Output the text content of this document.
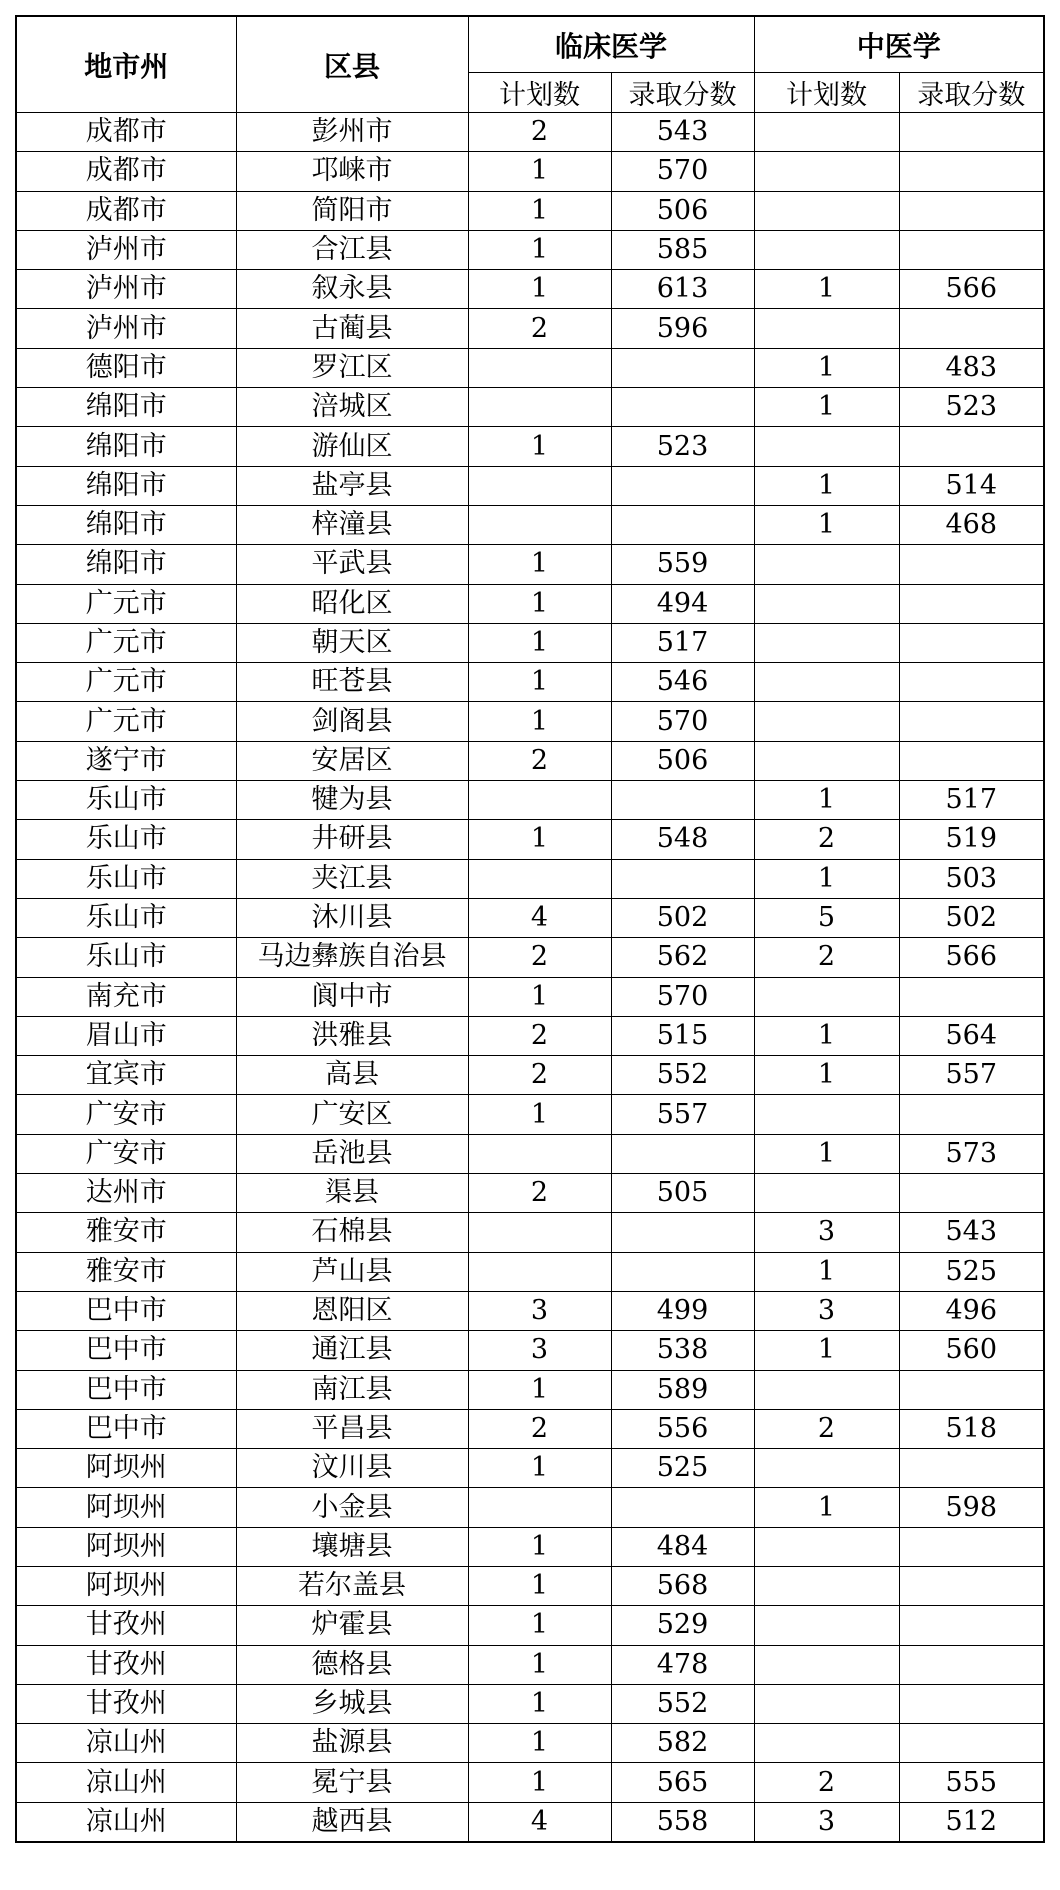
地市州	区县	临床医学		中医学	
		计划数	录取分数	计划数	录取分数
成都市	彭州市	2	543		
成都市	邛崃市	1	570		
成都市	简阳市	1	506		
泸州市	合江县	1	585		
泸州市	叙永县	1	613	1	566
泸州市	古蔺县	2	596		
德阳市	罗江区			1	483
绵阳市	涪城区			1	523
绵阳市	游仙区	1	523		
绵阳市	盐亭县			1	514
绵阳市	梓潼县			1	468
绵阳市	平武县	1	559		
广元市	昭化区	1	494		
广元市	朝天区	1	517		
广元市	旺苍县	1	546		
广元市	剑阁县	1	570		
遂宁市	安居区	2	506		
乐山市	犍为县			1	517
乐山市	井研县	1	548	2	519
乐山市	夹江县			1	503
乐山市	沐川县	4	502	5	502
乐山市	马边彝族自治县	2	562	2	566
南充市	阆中市	1	570		
眉山市	洪雅县	2	515	1	564
宜宾市	高县	2	552	1	557
广安市	广安区	1	557		
广安市	岳池县			1	573
达州市	渠县	2	505		
雅安市	石棉县			3	543
雅安市	芦山县			1	525
巴中市	恩阳区	3	499	3	496
巴中市	通江县	3	538	1	560
巴中市	南江县	1	589		
巴中市	平昌县	2	556	2	518
阿坝州	汶川县	1	525		
阿坝州	小金县			1	598
阿坝州	壤塘县	1	484		
阿坝州	若尔盖县	1	568		
甘孜州	炉霍县	1	529		
甘孜州	德格县	1	478		
甘孜州	乡城县	1	552		
凉山州	盐源县	1	582		
凉山州	冕宁县	1	565	2	555
凉山州	越西县	4	558	3	512
